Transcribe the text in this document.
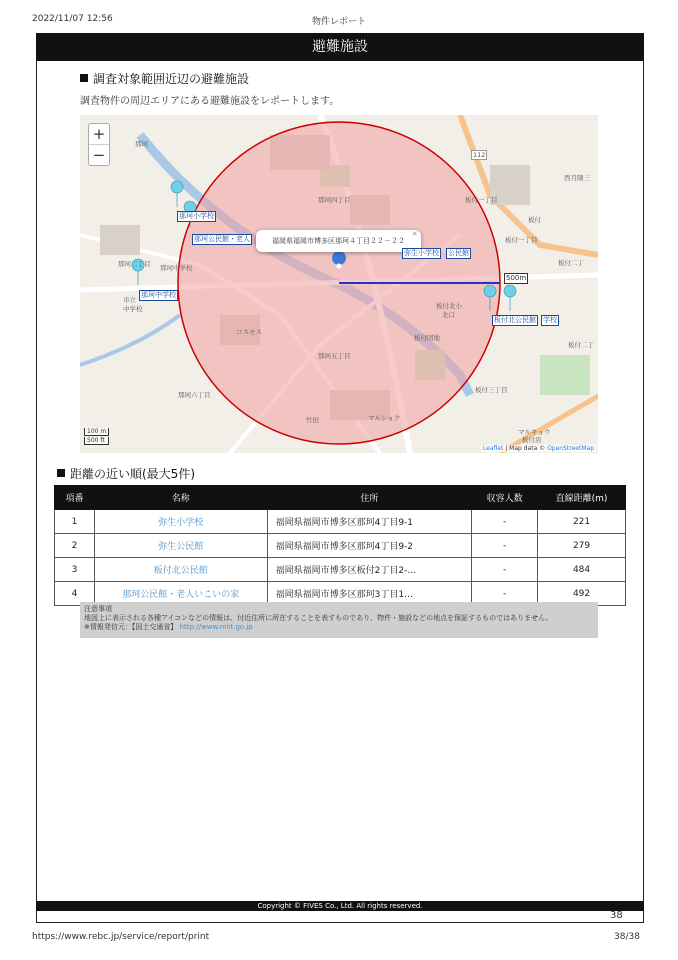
2022/11/07 12:56	物件レポート
避難施設
調査対象範囲近辺の避難施設
調査物件の周辺エリアにある避難施設をレポートします。
+
−
福岡県福岡市博多区那珂４丁目２２－２２
×
那珂小学校
那珂公民館・老人
那珂中学校
弥生小学校 公民館
板付北公民館 学校
500m
那珂
那珂四丁目
那珂五丁目
那珂六丁目
那珂二丁目
板付一丁目
板付三丁目
板付二丁
西月隈三
那珂中学校
市立
中学校	板付北小
北口
板付団地
コスモス
竹田	マルショク
マルキョウ
板付店
板付
板付一丁目
板付二丁
112
100 m
500 ft
Leaflet | Map data © OpenStreetMap
距離の近い順(最大5件)
項番	名称	住所	収容人数	直線距離(m)
1	弥生小学校	福岡県福岡市博多区那珂4丁目9-1	-	221
2	弥生公民館	福岡県福岡市博多区那珂4丁目9-2	-	279
3	板付北公民館	福岡県福岡市博多区板付2丁目2-…	-	484
4	那珂公民館・老人いこいの家	福岡県福岡市博多区那珂3丁目1…	-	492
注意事項
地図上に表示される各種アイコンなどの情報は、付近住所に所在することを表すものであり、物件・施設などの地点を保証するものではありません。
※情報発信元：【国土交通省】 http://www.mlit.go.jp
Copyright © FIVES Co., Ltd. All rights reserved.
38
https://www.rebc.jp/service/report/print	38/38
